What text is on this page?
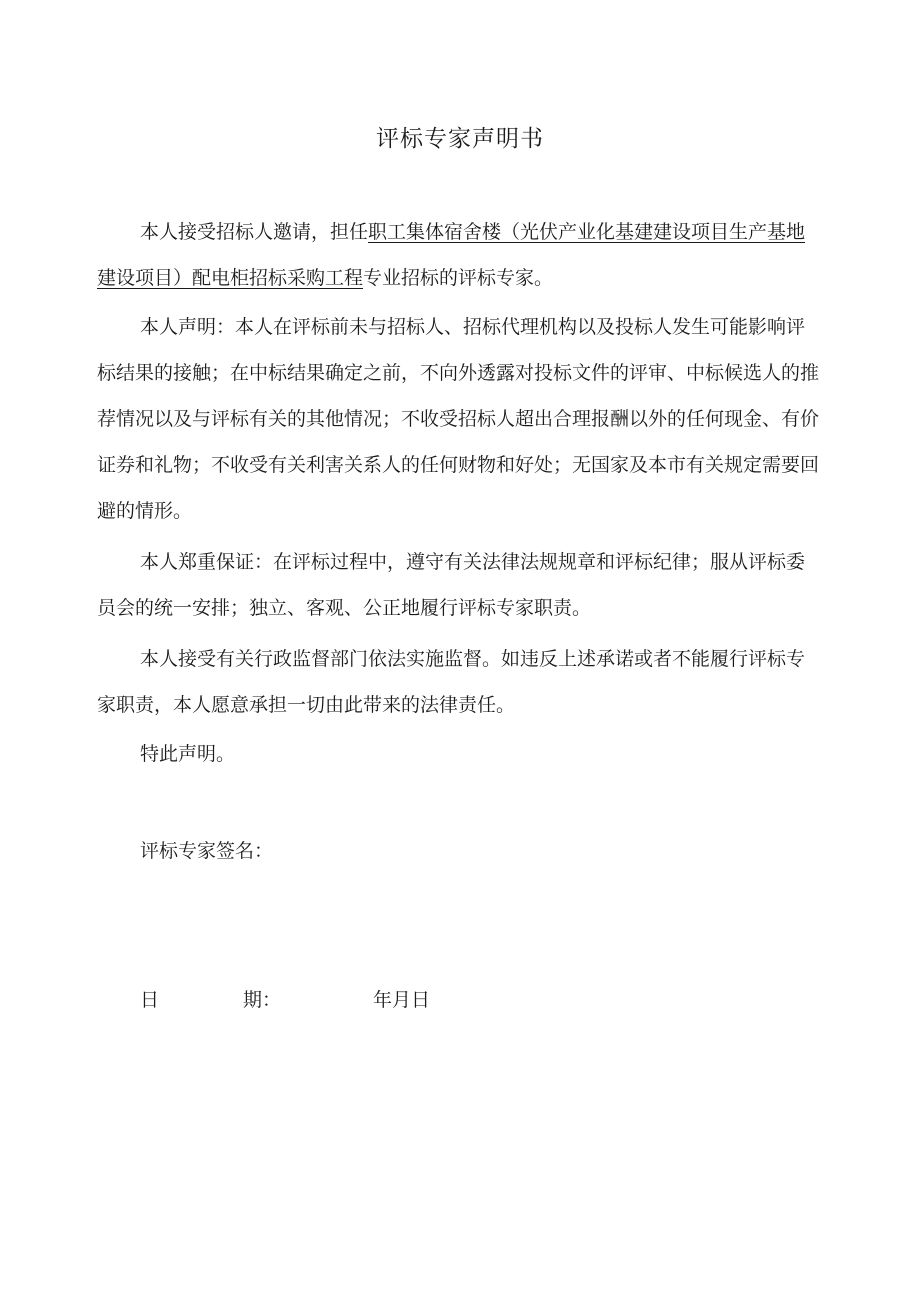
评标专家声明书
本人接受招标人邀请，担任职工集体宿舍楼（光伏产业化基建建设项目生产基地
建设项目）配电柜招标采购工程专业招标的评标专家。
本人声明：本人在评标前未与招标人、招标代理机构以及投标人发生可能影响评
标结果的接触；在中标结果确定之前，不向外透露对投标文件的评审、中标候选人的推
荐情况以及与评标有关的其他情况；不收受招标人超出合理报酬以外的任何现金、有价
证券和礼物；不收受有关利害关系人的任何财物和好处；无国家及本市有关规定需要回
避的情形。
本人郑重保证：在评标过程中，遵守有关法律法规规章和评标纪律；服从评标委
员会的统一安排；独立、客观、公正地履行评标专家职责。
本人接受有关行政监督部门依法实施监督。如违反上述承诺或者不能履行评标专
家职责，本人愿意承担一切由此带来的法律责任。
特此声明。
评标专家签名：
日	期：	年月日
